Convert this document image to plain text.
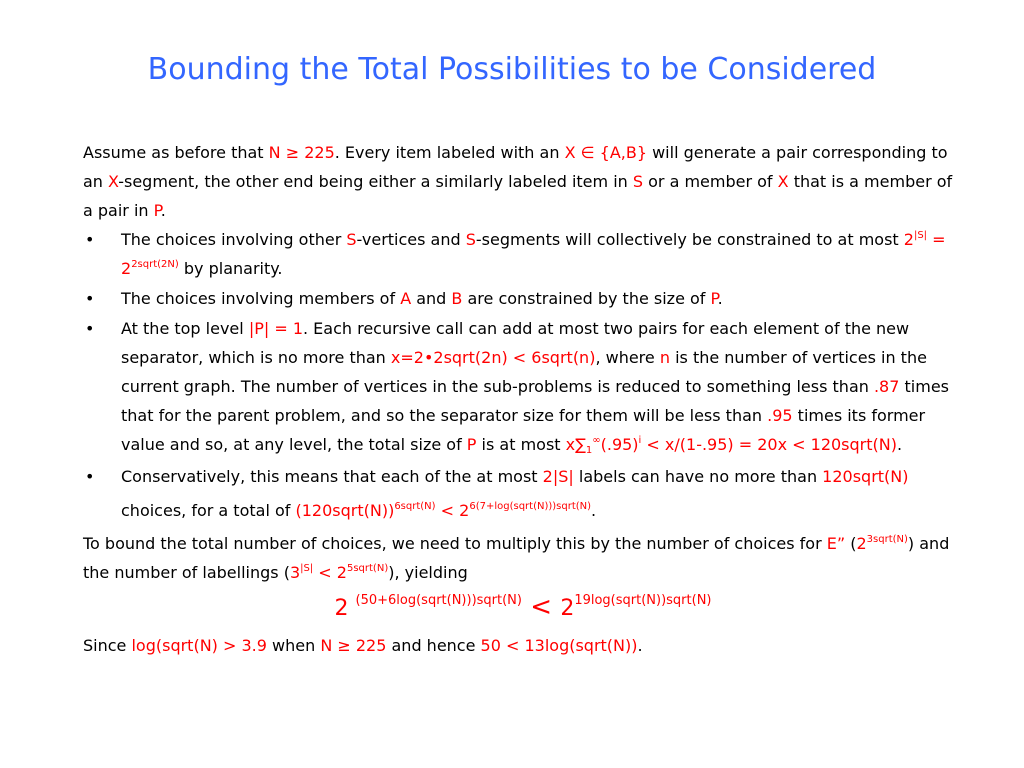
Bounding the Total Possibilities to be Considered

Assume as before that N ≥ 225. Every item labeled with an X ∈ {A,B} will generate a pair corresponding to an X-segment, the other end being either a similarly labeled item in S or a member of X that is a member of a pair in P.

• The choices involving other S-vertices and S-segments will collectively be constrained to at most $2^{|S|} = 2^{2sqrt(2N)}$ by planarity.
• The choices involving members of A and B are constrained by the size of P.
• At the top level |P| = 1. Each recursive call can add at most two pairs for each element of the new separator, which is no more than x=2•2sqrt(2n) < 6sqrt(n), where n is the number of vertices in the current graph. The number of vertices in the sub-problems is reduced to something less than .87 times that for the parent problem, and so the separator size for them will be less than .95 times its former value and so, at any level, the total size of P is at most $x\sum_1^\infty(.95)^i < x/(1-.95) = 20x$ < 120sqrt(N).
• Conservatively, this means that each of the at most 2|S| labels can have no more than 120sqrt(N) choices, for a total of (120sqrt(N))$^{6sqrt(N)}$ < $2^{6(7+log(sqrt(N)))sqrt(N)}$.

To bound the total number of choices, we need to multiply this by the number of choices for E” $(2^{3sqrt(N)})$ and the number of labellings $(3^{|S|} < 2^{5sqrt(N)})$, yielding

2 $^{(50+6log(sqrt(N)))sqrt(N)} < 2^{19log(sqrt(N))sqrt(N)}$

Since log(sqrt(N) > 3.9 when N ≥ 225 and hence 50 < 13log(sqrt(N)).
